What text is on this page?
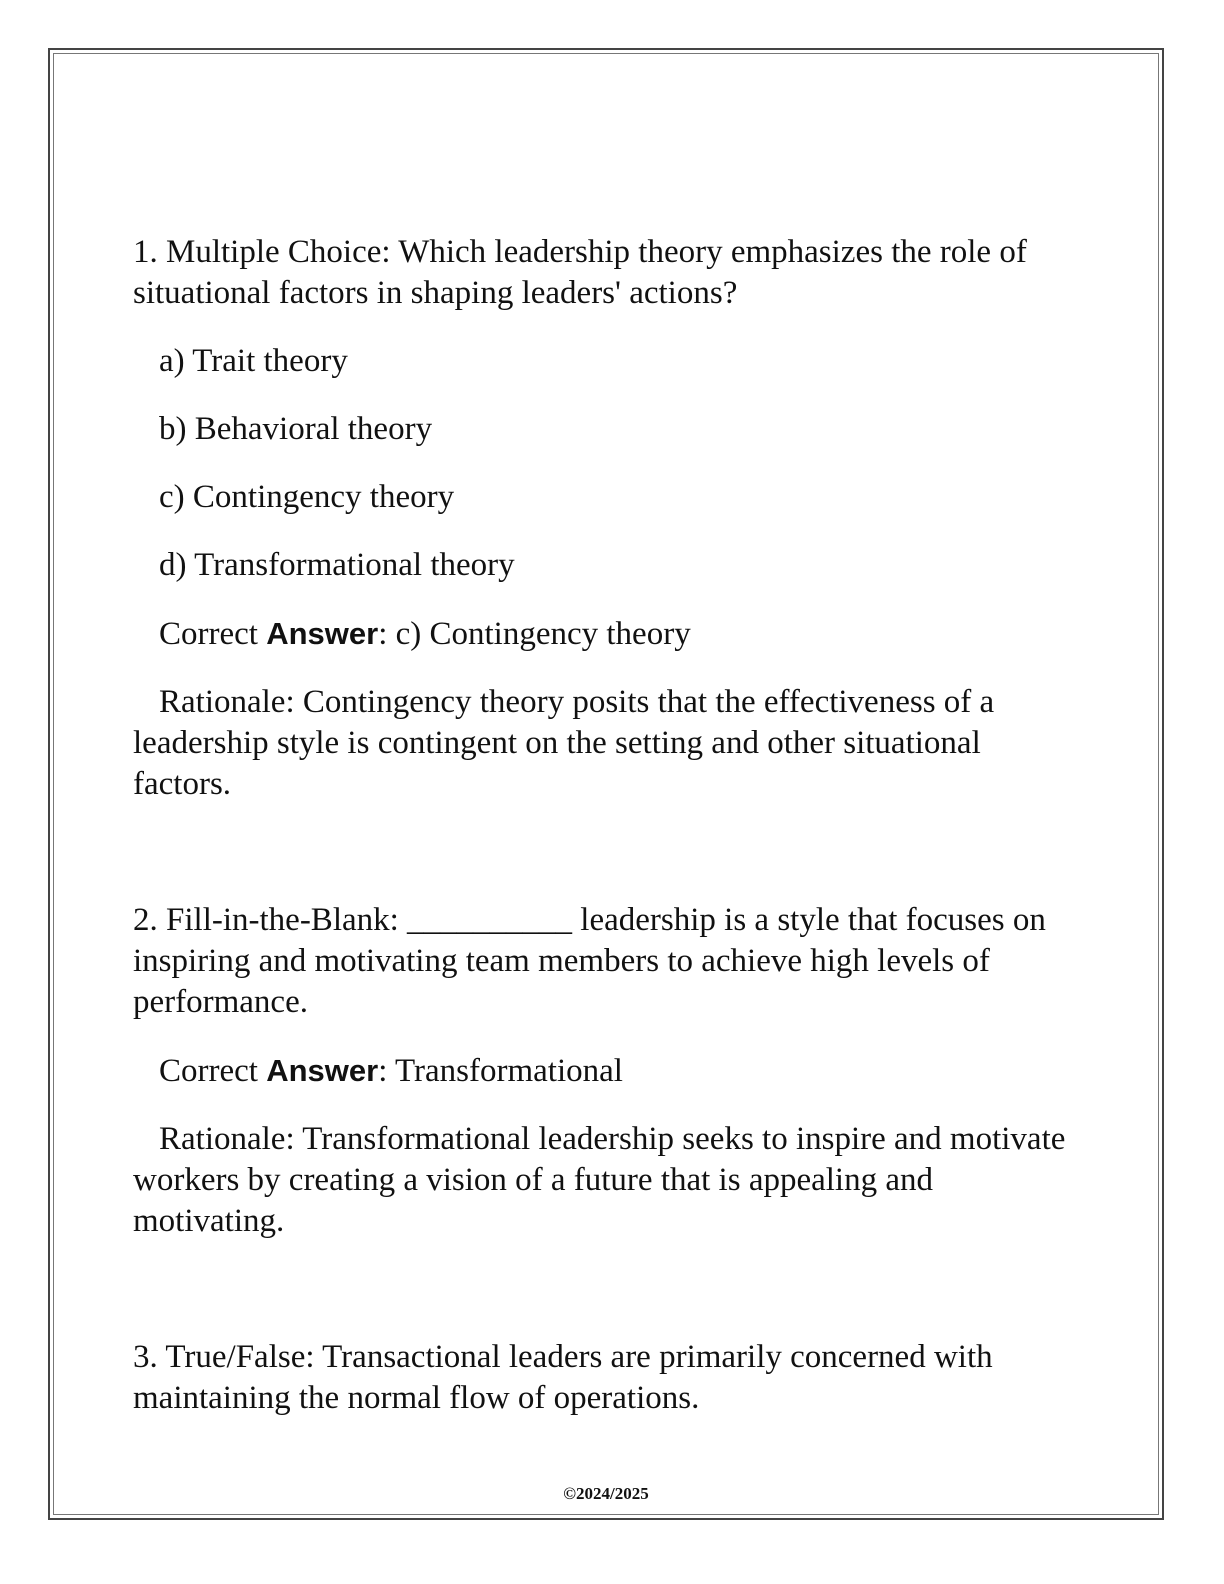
1. Multiple Choice: Which leadership theory emphasizes the role of situational factors in shaping leaders' actions?

a) Trait theory

b) Behavioral theory

c) Contingency theory

d) Transformational theory

Correct Answer: c) Contingency theory

Rationale: Contingency theory posits that the effectiveness of a leadership style is contingent on the setting and other situational factors.

2. Fill-in-the-Blank: __________ leadership is a style that focuses on inspiring and motivating team members to achieve high levels of performance.

Correct Answer: Transformational

Rationale: Transformational leadership seeks to inspire and motivate workers by creating a vision of a future that is appealing and motivating.

3. True/False: Transactional leaders are primarily concerned with maintaining the normal flow of operations.

©2024/2025
